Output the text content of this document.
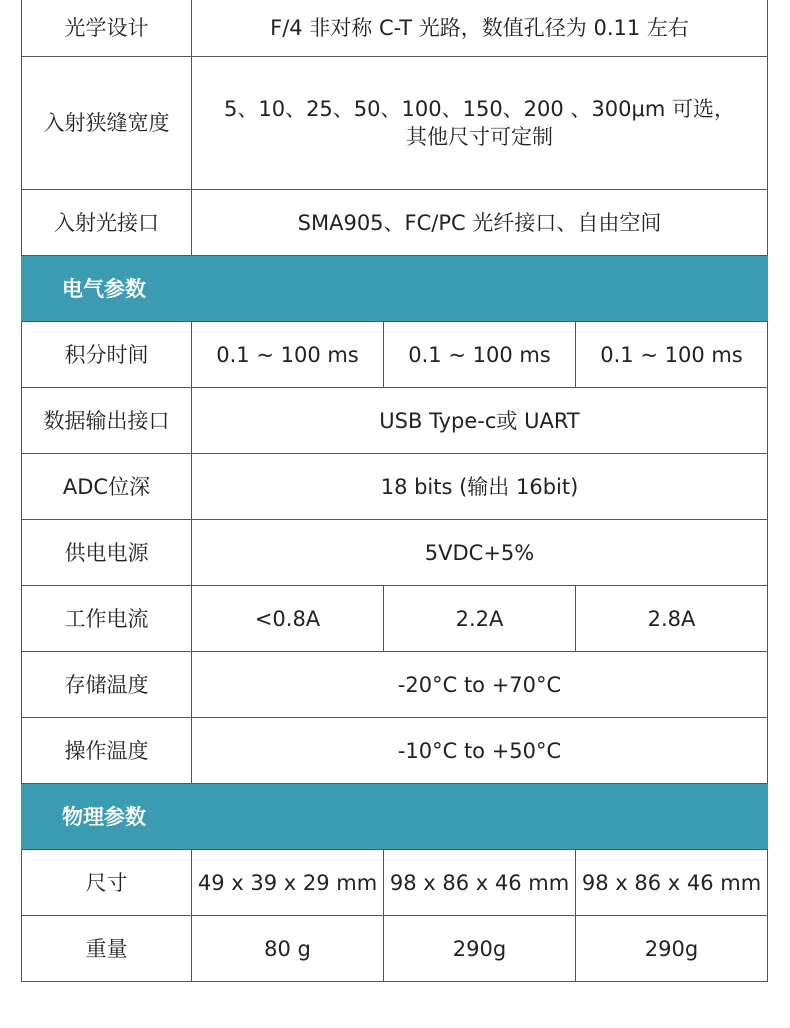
光学设计	F/4 非对称 C-T 光路，数值孔径为 0.11 左右		
入射狭缝宽度	5、10、25、50、100、150、200 、300μm 可选，
其他尺寸可定制		

入射光接口	SMA905、FC/PC 光纤接口、自由空间		
电气参数			
积分时间	0.1 ~ 100 ms	0.1 ~ 100 ms	0.1 ~ 100 ms
数据输出接口	USB Type-c或 UART		
ADC位深	18 bits (输出 16bit)		
供电电源	5VDC+5%		
工作电流	<0.8A	2.2A	2.8A
存储温度	-20°C to +70°C		
操作温度	-10°C to +50°C		
物理参数			
尺寸	49 x 39 x 29 mm	98 x 86 x 46 mm	98 x 86 x 46 mm
重量	80 g	290g	290g
